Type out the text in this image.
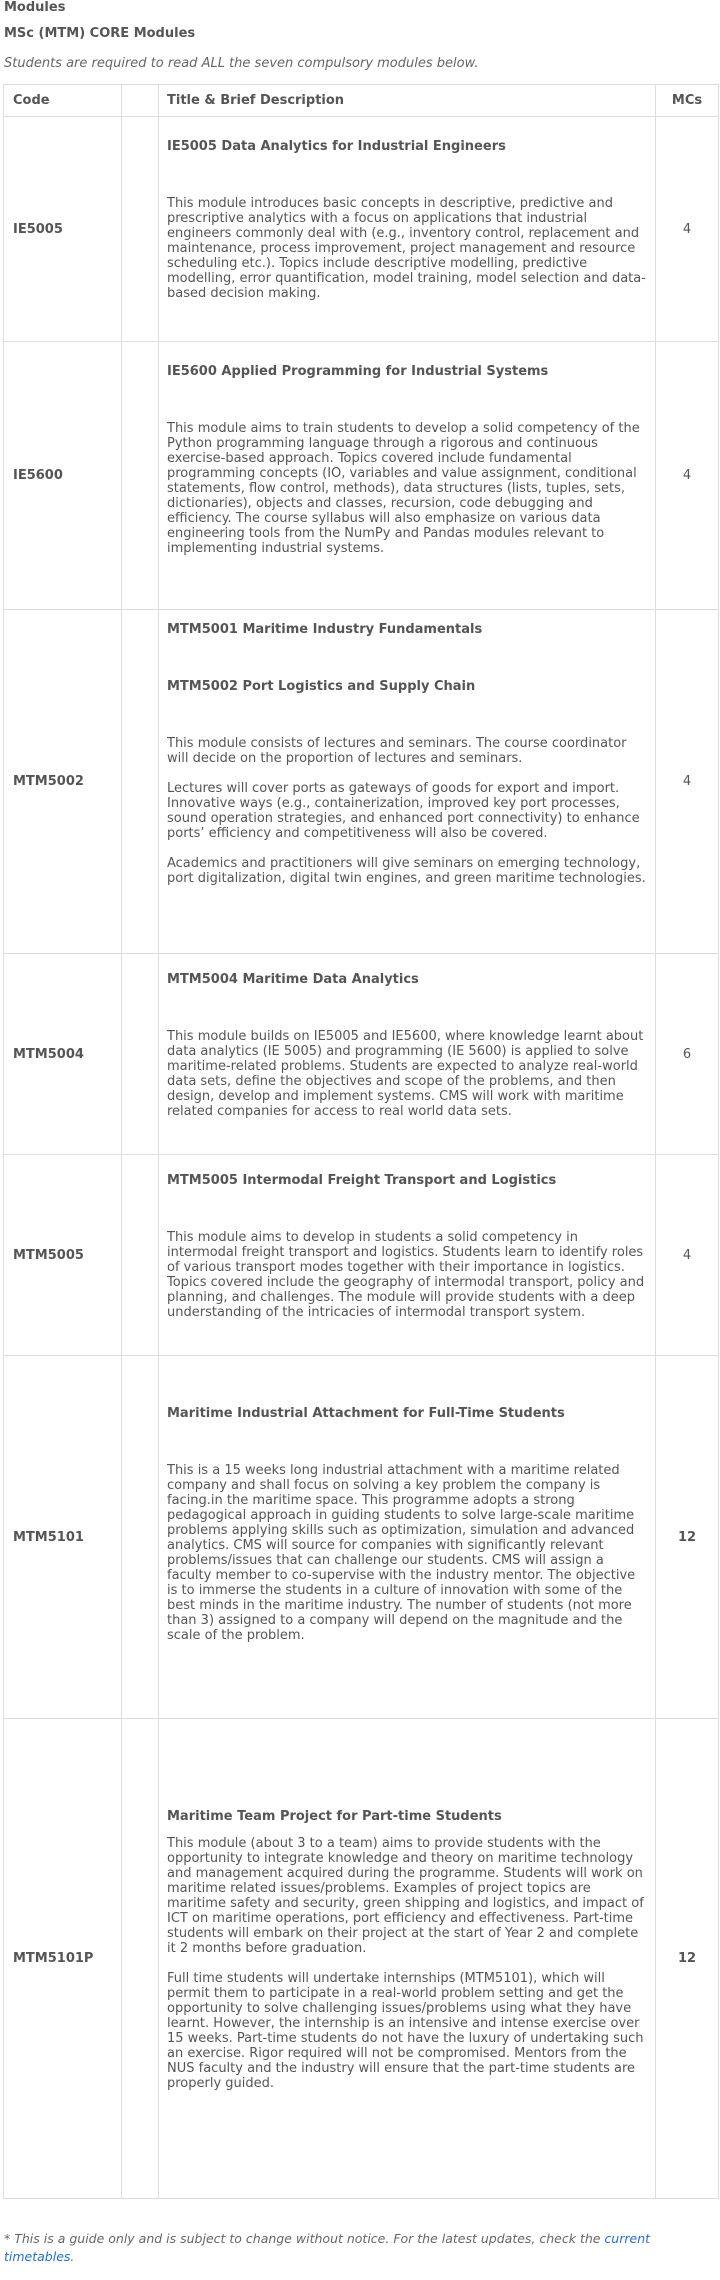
Modules
MSc (MTM) CORE Modules
Students are required to read ALL the seven compulsory modules below.
Code		Title & Brief Description	MCs
IE5005		IE5005 Data Analytics for Industrial Engineers

This module introduces basic concepts in descriptive, predictive and prescriptive analytics with a focus on applications that industrial engineers commonly deal with (e.g., inventory control, replacement and maintenance, process improvement, project management and resource scheduling etc.). Topics include descriptive modelling, predictive modelling, error quantification, model training, model selection and data-based decision making.	4
IE5600		IE5600 Applied Programming for Industrial Systems

This module aims to train students to develop a solid competency of the Python programming language through a rigorous and continuous exercise-based approach. Topics covered include fundamental programming concepts (IO, variables and value assignment, conditional statements, flow control, methods), data structures (lists, tuples, sets, dictionaries), objects and classes, recursion, code debugging and efficiency. The course syllabus will also emphasize on various data engineering tools from the NumPy and Pandas modules relevant to implementing industrial systems.	4
MTM5002		MTM5001 Maritime Industry Fundamentals
MTM5002 Port Logistics and Supply Chain

This module consists of lectures and seminars. The course coordinator will decide on the proportion of lectures and seminars.

Lectures will cover ports as gateways of goods for export and import. Innovative ways (e.g., containerization, improved key port processes, sound operation strategies, and enhanced port connectivity) to enhance ports’ efficiency and competitiveness will also be covered.

Academics and practitioners will give seminars on emerging technology, port digitalization, digital twin engines, and green maritime technologies.	4
MTM5004		MTM5004 Maritime Data Analytics

This module builds on IE5005 and IE5600, where knowledge learnt about data analytics (IE 5005) and programming (IE 5600) is applied to solve maritime-related problems. Students are expected to analyze real-world data sets, define the objectives and scope of the problems, and then design, develop and implement systems. CMS will work with maritime related companies for access to real world data sets.	6
MTM5005		MTM5005 Intermodal Freight Transport and Logistics

This module aims to develop in students a solid competency in intermodal freight transport and logistics. Students learn to identify roles of various transport modes together with their importance in logistics. Topics covered include the geography of intermodal transport, policy and planning, and challenges. The module will provide students with a deep understanding of the intricacies of intermodal transport system.	4
MTM5101		Maritime Industrial Attachment for Full-Time Students

This is a 15 weeks long industrial attachment with a maritime related company and shall focus on solving a key problem the company is facing.in the maritime space. This programme adopts a strong pedagogical approach in guiding students to solve large-scale maritime problems applying skills such as optimization, simulation and advanced analytics. CMS will source for companies with significantly relevant problems/issues that can challenge our students. CMS will assign a faculty member to co-supervise with the industry mentor. The objective is to immerse the students in a culture of innovation with some of the best minds in the maritime industry. The number of students (not more than 3) assigned to a company will depend on the magnitude and the scale of the problem.	12
MTM5101P		Maritime Team Project for Part-time Students

This module (about 3 to a team) aims to provide students with the opportunity to integrate knowledge and theory on maritime technology and management acquired during the programme. Students will work on maritime related issues/problems. Examples of project topics are maritime safety and security, green shipping and logistics, and impact of ICT on maritime operations, port efficiency and effectiveness. Part-time students will embark on their project at the start of Year 2 and complete it 2 months before graduation.

Full time students will undertake internships (MTM5101), which will permit them to participate in a real-world problem setting and get the opportunity to solve challenging issues/problems using what they have learnt. However, the internship is an intensive and intense exercise over 15 weeks. Part-time students do not have the luxury of undertaking such an exercise. Rigor required will not be compromised. Mentors from the NUS faculty and the industry will ensure that the part-time students are properly guided.	12
* This is a guide only and is subject to change without notice. For the latest updates, check the current timetables.
